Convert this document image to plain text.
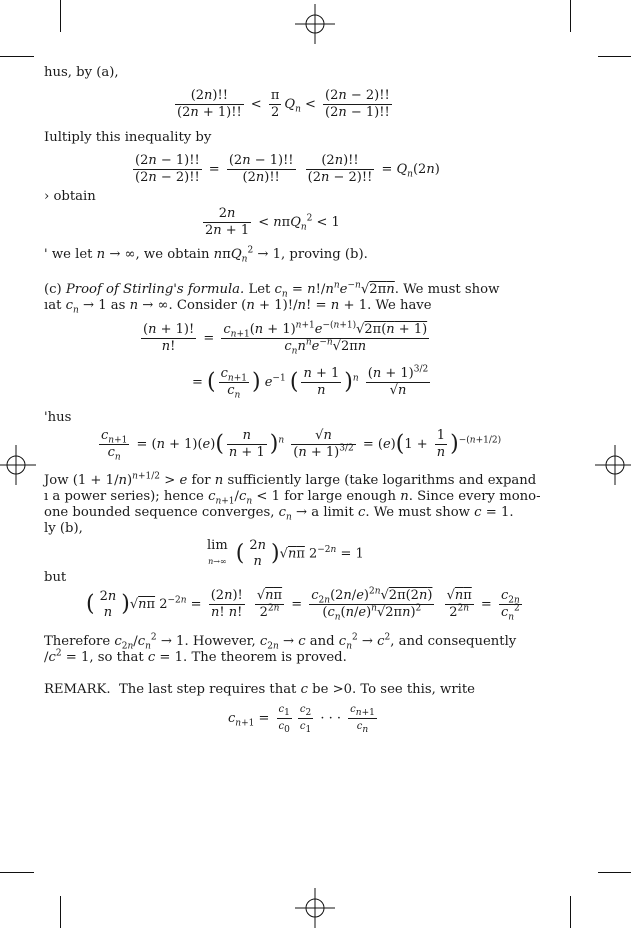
hus, by (a),
$\frac{(2n)!!}{(2n + 1)!!} < \frac{\pi}{2} Q_n < \frac{(2n - 2)!!}{(2n - 1)!!}$
Iultiply this inequality by
$\frac{(2n - 1)!!}{(2n - 2)!!} = \frac{(2n - 1)!!}{(2n)!!}$
$\frac{(2n)!!}{(2n - 2)!!} = Q_n(2n)$
› obtain
$\frac{2n}{2n + 1} < n\pi Q_n^2 < 1$
' we let n → ∞, we obtain nπQ$_n^2$ → 1, proving (b).
(c) Proof of Stirling's formula. Let $c_n = n!/n^ne^{-n}√2\pi n$. We must show
ıat $c_n \to 1$ as n → ∞. Consider (n + 1)!/n! = n + 1. We have
$\frac{(n + 1)!}{n!} = \frac{c_{n+1}(n + 1)^{n+1}e^{-(n+1)}√2\pi(n + 1)}{c_nn^ne^{-n}√2\pi n}$
= ( $\frac{c_{n+1}}{c_n}$ ) $e^{-1}$ ( $\frac{n + 1}{n} )^n \frac{(n + 1)^{3/2}}{√n}$
'hus
$\frac{c_{n+1}}{c_n} = (n + 1)(e)( \frac{n}{n + 1} )^n \frac{√n}{(n + 1)^{3/2}} = (e)(1 + \frac{1}{n} )^{-(n+1/2)}$
Jow $(1 + 1/n)^{n+1/2} > e$ for n sufficiently large (take logarithms and expand
ı a power series); hence $c_{n+1}/c_n < 1$ for large enough n. Since every mono-
one bounded sequence converges, $c_n \to a$ limit c. We must show c = 1.
ly (b),
lim
n→∞ ( 2n
n )√nπ $2^{-2n} = 1$
but
( 2n
n )√nπ $2^{-2n} = \frac{(2n)!}{n! n!}$
$\frac{√n\pi}{2^{2n}} = \frac{c_{2n}(2n/e)^{2n}√2\pi(2n)}{(c_n(n/e)^n√2\pi n)^2}$
$\frac{√n\pi}{2^{2n}} = \frac{c_{2n}}{c_n^2}$
Therefore $c_{2n}/c_n^2 \to 1$. However, $c_{2n} \to c$ and $c_n^2 \to c^2$, and consequently
$/c^2 = 1$, so that c = 1. The theorem is proved.
REMARK.  The last step requires that c be >0. To see this, write
$c_{n+1} = \frac{c_1}{c_0} \frac{c_2}{c_1}$ · · · $\frac{c_{n+1}}{c_n}$
